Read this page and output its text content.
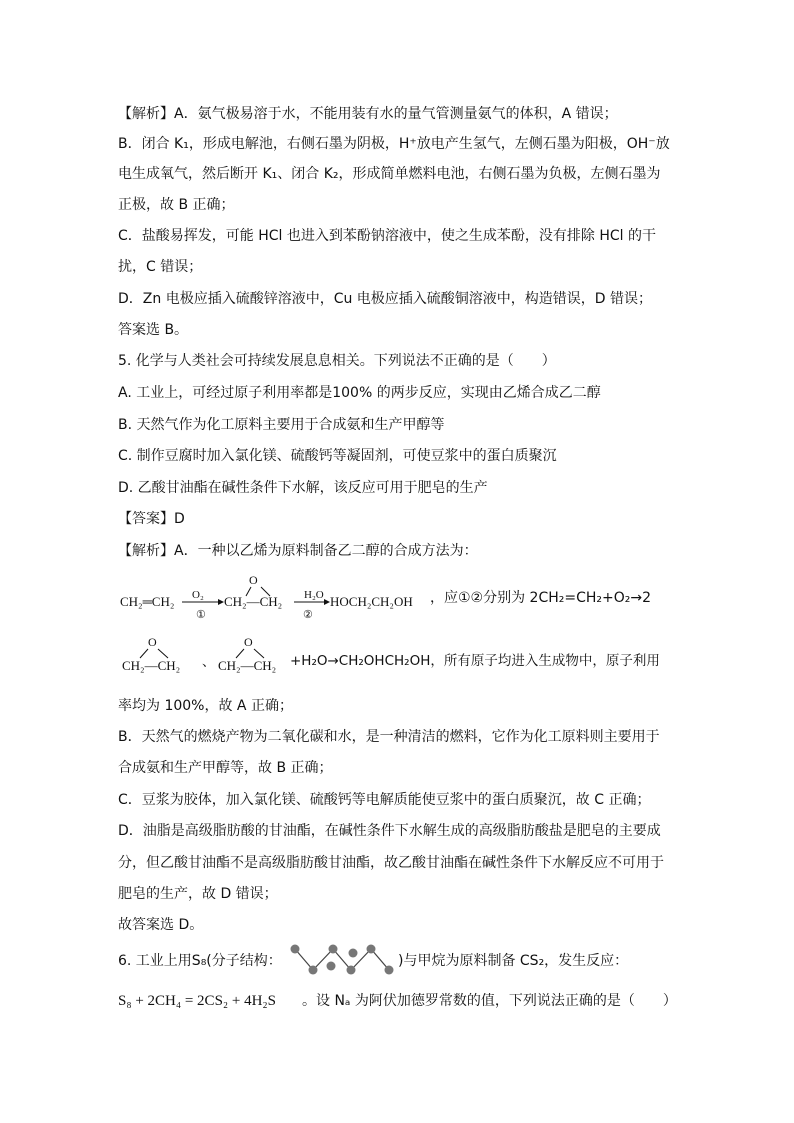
【解析】A．氨气极易溶于水，不能用装有水的量气管测量氨气的体积，A 错误；
B．闭合 K₁，形成电解池，右侧石墨为阴极，H⁺放电产生氢气，左侧石墨为阳极，OH⁻放
电生成氧气，然后断开 K₁、闭合 K₂，形成简单燃料电池，右侧石墨为负极，左侧石墨为
正极，故 B 正确；
C．盐酸易挥发，可能 HCl 也进入到苯酚钠溶液中，使之生成苯酚，没有排除 HCl 的干
扰，C 错误；
D．Zn 电极应插入硫酸锌溶液中，Cu 电极应插入硫酸铜溶液中，构造错误，D 错误；
答案选 B。
5. 化学与人类社会可持续发展息息相关。下列说法不正确的是（　　）
A. 工业上，可经过原子利用率都是100% 的两步反应，实现由乙烯合成乙二醇
B. 天然气作为化工原料主要用于合成氨和生产甲醇等
C. 制作豆腐时加入氯化镁、硫酸钙等凝固剂，可使豆浆中的蛋白质聚沉
D. 乙酸甘油酯在碱性条件下水解，该反应可用于肥皂的生产
【答案】D
【解析】A．一种以乙烯为原料制备乙二醇的合成方法为：
CH₂═CH₂ O₂
①
O
CH₂—CH₂ H₂O
②
HOCH₂CH₂OH ，应①②分别为 2CH₂=CH₂+O₂→2
O
CH₂—CH₂ 、
O
CH₂—CH₂ +H₂O→CH₂OHCH₂OH，所有原子均进入生成物中，原子利用
率均为 100%，故 A 正确；
B．天然气的燃烧产物为二氧化碳和水，是一种清洁的燃料，它作为化工原料则主要用于
合成氨和生产甲醇等，故 B 正确；
C．豆浆为胶体，加入氯化镁、硫酸钙等电解质能使豆浆中的蛋白质聚沉，故 C 正确；
D．油脂是高级脂肪酸的甘油酯，在碱性条件下水解生成的高级脂肪酸盐是肥皂的主要成
分，但乙酸甘油酯不是高级脂肪酸甘油酯，故乙酸甘油酯在碱性条件下水解反应不可用于
肥皂的生产，故 D 错误；
故答案选 D。
6. 工业上用S₈(分子结构：	)与甲烷为原料制备 CS₂，发生反应：
S₈ + 2CH₄ = 2CS₂ + 4H₂S 。设 Nₐ 为阿伏加德罗常数的值，下列说法正确的是（　　）
